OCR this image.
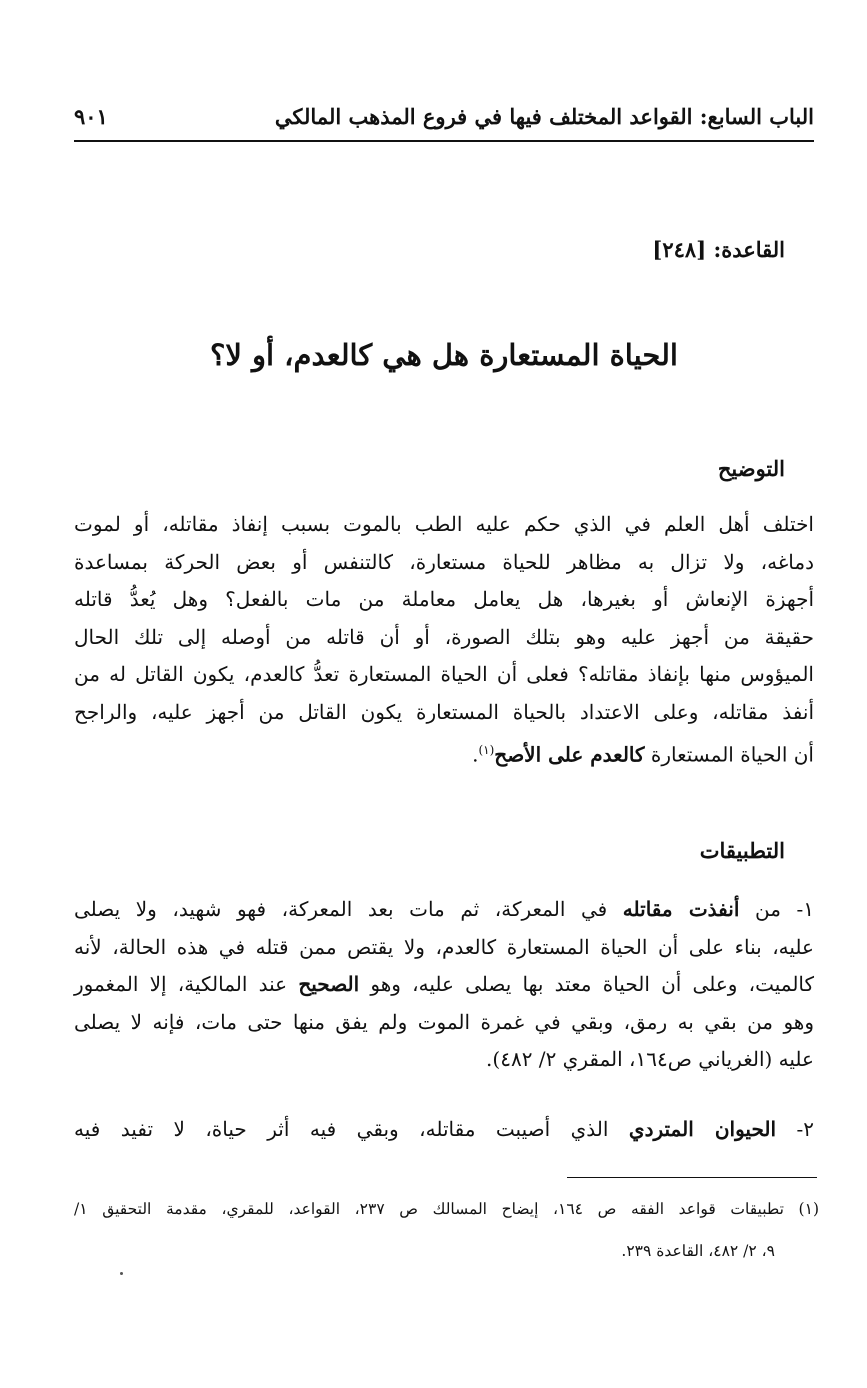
الباب السابع: القواعد المختلف فيها في فروع المذهب المالكي
٩٠١
القاعدة: [٢٤٨]
الحياة المستعارة هل هي كالعدم، أو لا؟
التوضيح
اختلف أهل العلم في الذي حكم عليه الطب بالموت بسبب إنفاذ مقاتله، أو لموت
دماغه، ولا تزال به مظاهر للحياة مستعارة، كالتنفس أو بعض الحركة بمساعدة
أجهزة الإنعاش أو بغيرها، هل يعامل معاملة من مات بالفعل؟ وهل يُعدُّ قاتله
حقيقة من أجهز عليه وهو بتلك الصورة، أو أن قاتله من أوصله إلى تلك الحال
الميؤوس منها بإنفاذ مقاتله؟ فعلى أن الحياة المستعارة تعدُّ كالعدم، يكون القاتل له من
أنفذ مقاتله، وعلى الاعتداد بالحياة المستعارة يكون القاتل من أجهز عليه، والراجح
أن الحياة المستعارة كالعدم على الأصح$^{(١)}$.
التطبيقات
١- من أنفذت مقاتله في المعركة، ثم مات بعد المعركة، فهو شهيد، ولا يصلى
عليه، بناء على أن الحياة المستعارة كالعدم، ولا يقتص ممن قتله في هذه الحالة، لأنه
كالميت، وعلى أن الحياة معتد بها يصلى عليه، وهو الصحيح عند المالكية، إلا المغمور
وهو من بقي به رمق، وبقي في غمرة الموت ولم يفق منها حتى مات، فإنه لا يصلى
عليه (الغرياني ص١٦٤، المقري ٢/ ٤٨٢).
٢- الحيوان المتردي الذي أصيبت مقاتله، وبقي فيه أثر حياة، لا تفيد فيه
(١) تطبيقات قواعد الفقه ص ١٦٤، إيضاح المسالك ص ٢٣٧، القواعد، للمقري، مقدمة التحقيق ١/
٩، ٢/ ٤٨٢، القاعدة ٢٣٩.
